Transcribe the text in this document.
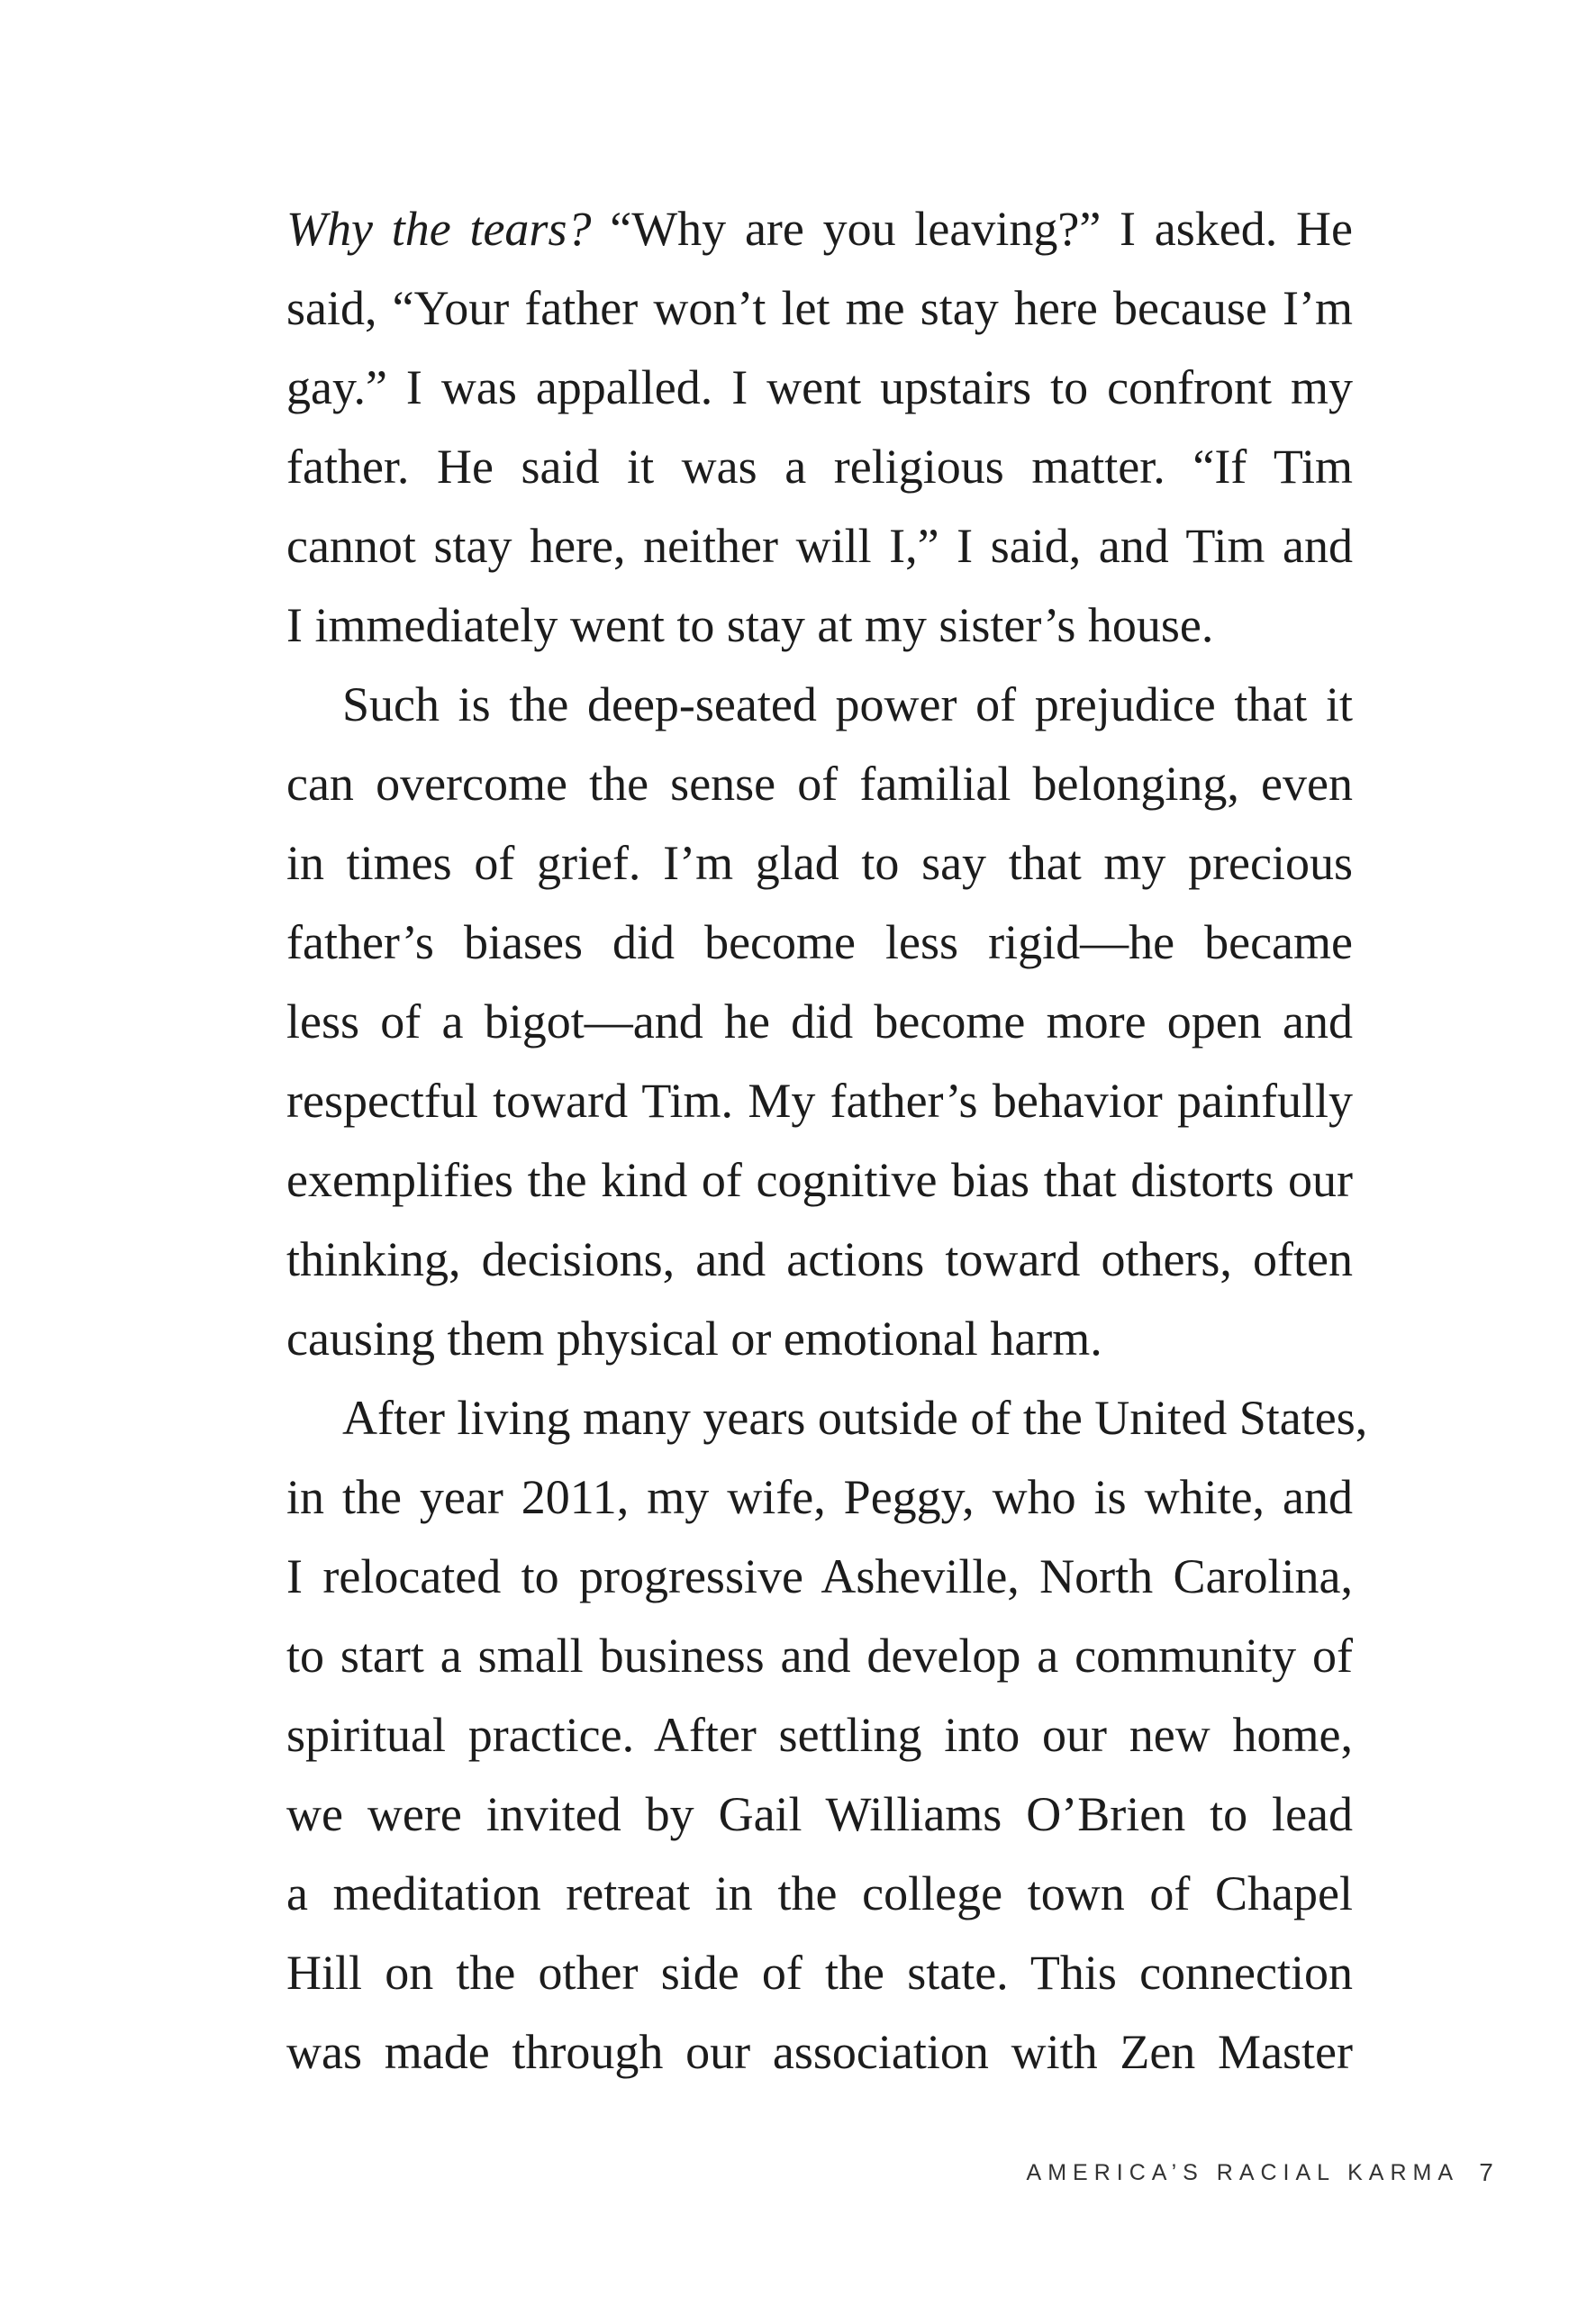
Why the tears? “Why are you leaving?” I asked. He
said, “Your father won’t let me stay here because I’m
gay.” I was appalled. I went upstairs to confront my
father. He said it was a religious matter. “If Tim
cannot stay here, neither will I,” I said, and Tim and
I immediately went to stay at my sister’s house.
Such is the deep-seated power of prejudice that it
can overcome the sense of familial belonging, even
in times of grief. I’m glad to say that my precious
father’s biases did become less rigid—he became
less of a bigot—and he did become more open and
respectful toward Tim. My father’s behavior painfully
exemplifies the kind of cognitive bias that distorts our
thinking, decisions, and actions toward others, often
causing them physical or emotional harm.
After living many years outside of the United States,
in the year 2011, my wife, Peggy, who is white, and
I relocated to progressive Asheville, North Carolina,
to start a small business and develop a community of
spiritual practice. After settling into our new home,
we were invited by Gail Williams O’Brien to lead
a meditation retreat in the college town of Chapel
Hill on the other side of the state. This connection
was made through our association with Zen Master
AMERICA’S RACIAL KARMA 7
